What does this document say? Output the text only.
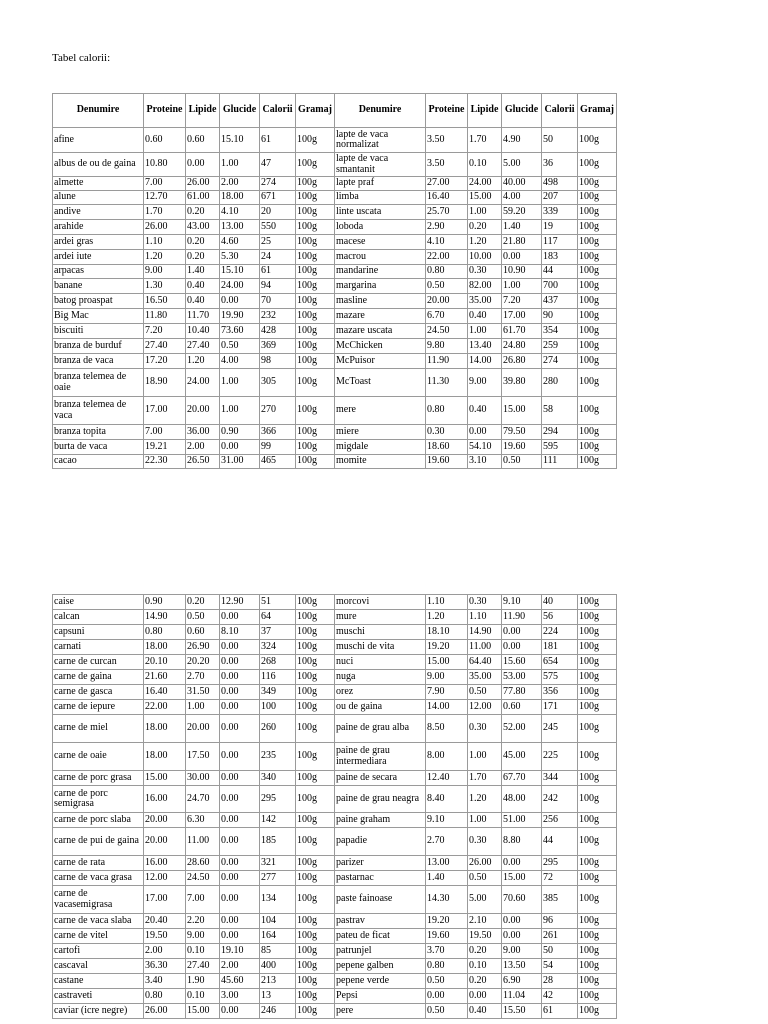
Tabel calorii:
Denumire	Proteine	Lipide	Glucide	Calorii	Gramaj	Denumire	Proteine	Lipide	Glucide	Calorii	Gramaj
afine	0.60	0.60	15.10	61	100g	lapte de vaca normalizat	3.50	1.70	4.90	50	100g
albus de ou de gaina	10.80	0.00	1.00	47	100g	lapte de vaca smantanit	3.50	0.10	5.00	36	100g
almette	7.00	26.00	2.00	274	100g	lapte praf	27.00	24.00	40.00	498	100g
alune	12.70	61.00	18.00	671	100g	limba	16.40	15.00	4.00	207	100g
andive	1.70	0.20	4.10	20	100g	linte uscata	25.70	1.00	59.20	339	100g
arahide	26.00	43.00	13.00	550	100g	loboda	2.90	0.20	1.40	19	100g
ardei gras	1.10	0.20	4.60	25	100g	macese	4.10	1.20	21.80	117	100g
ardei iute	1.20	0.20	5.30	24	100g	macrou	22.00	10.00	0.00	183	100g
arpacas	9.00	1.40	15.10	61	100g	mandarine	0.80	0.30	10.90	44	100g
banane	1.30	0.40	24.00	94	100g	margarina	0.50	82.00	1.00	700	100g
batog proaspat	16.50	0.40	0.00	70	100g	masline	20.00	35.00	7.20	437	100g
Big Mac	11.80	11.70	19.90	232	100g	mazare	6.70	0.40	17.00	90	100g
biscuiti	7.20	10.40	73.60	428	100g	mazare uscata	24.50	1.00	61.70	354	100g
branza de burduf	27.40	27.40	0.50	369	100g	McChicken	9.80	13.40	24.80	259	100g
branza de vaca	17.20	1.20	4.00	98	100g	McPuisor	11.90	14.00	26.80	274	100g
branza telemea de oaie	18.90	24.00	1.00	305	100g	McToast	11.30	9.00	39.80	280	100g
branza telemea de vaca	17.00	20.00	1.00	270	100g	mere	0.80	0.40	15.00	58	100g
branza topita	7.00	36.00	0.90	366	100g	miere	0.30	0.00	79.50	294	100g
burta de vaca	19.21	2.00	0.00	99	100g	migdale	18.60	54.10	19.60	595	100g
cacao	22.30	26.50	31.00	465	100g	momite	19.60	3.10	0.50	111	100g
caise	0.90	0.20	12.90	51	100g	morcovi	1.10	0.30	9.10	40	100g
calcan	14.90	0.50	0.00	64	100g	mure	1.20	1.10	11.90	56	100g
capsuni	0.80	0.60	8.10	37	100g	muschi	18.10	14.90	0.00	224	100g
carnati	18.00	26.90	0.00	324	100g	muschi de vita	19.20	11.00	0.00	181	100g
carne de curcan	20.10	20.20	0.00	268	100g	nuci	15.00	64.40	15.60	654	100g
carne de gaina	21.60	2.70	0.00	116	100g	nuga	9.00	35.00	53.00	575	100g
carne de gasca	16.40	31.50	0.00	349	100g	orez	7.90	0.50	77.80	356	100g
carne de iepure	22.00	1.00	0.00	100	100g	ou de gaina	14.00	12.00	0.60	171	100g
carne de miel	18.00	20.00	0.00	260	100g	paine de grau alba	8.50	0.30	52.00	245	100g
carne de oaie	18.00	17.50	0.00	235	100g	paine de grau intermediara	8.00	1.00	45.00	225	100g
carne de porc grasa	15.00	30.00	0.00	340	100g	paine de secara	12.40	1.70	67.70	344	100g
carne de porc semigrasa	16.00	24.70	0.00	295	100g	paine de grau neagra	8.40	1.20	48.00	242	100g
carne de porc slaba	20.00	6.30	0.00	142	100g	paine graham	9.10	1.00	51.00	256	100g
carne de pui de gaina	20.00	11.00	0.00	185	100g	papadie	2.70	0.30	8.80	44	100g
carne de rata	16.00	28.60	0.00	321	100g	parizer	13.00	26.00	0.00	295	100g
carne de vaca grasa	12.00	24.50	0.00	277	100g	pastarnac	1.40	0.50	15.00	72	100g
carne de vacasemigrasa	17.00	7.00	0.00	134	100g	paste fainoase	14.30	5.00	70.60	385	100g
carne de vaca slaba	20.40	2.20	0.00	104	100g	pastrav	19.20	2.10	0.00	96	100g
carne de vitel	19.50	9.00	0.00	164	100g	pateu de ficat	19.60	19.50	0.00	261	100g
cartofi	2.00	0.10	19.10	85	100g	patrunjel	3.70	0.20	9.00	50	100g
cascaval	36.30	27.40	2.00	400	100g	pepene galben	0.80	0.10	13.50	54	100g
castane	3.40	1.90	45.60	213	100g	pepene verde	0.50	0.20	6.90	28	100g
castraveti	0.80	0.10	3.00	13	100g	Pepsi	0.00	0.00	11.04	42	100g
caviar (icre negre)	26.00	15.00	0.00	246	100g	pere	0.50	0.40	15.50	61	100g
